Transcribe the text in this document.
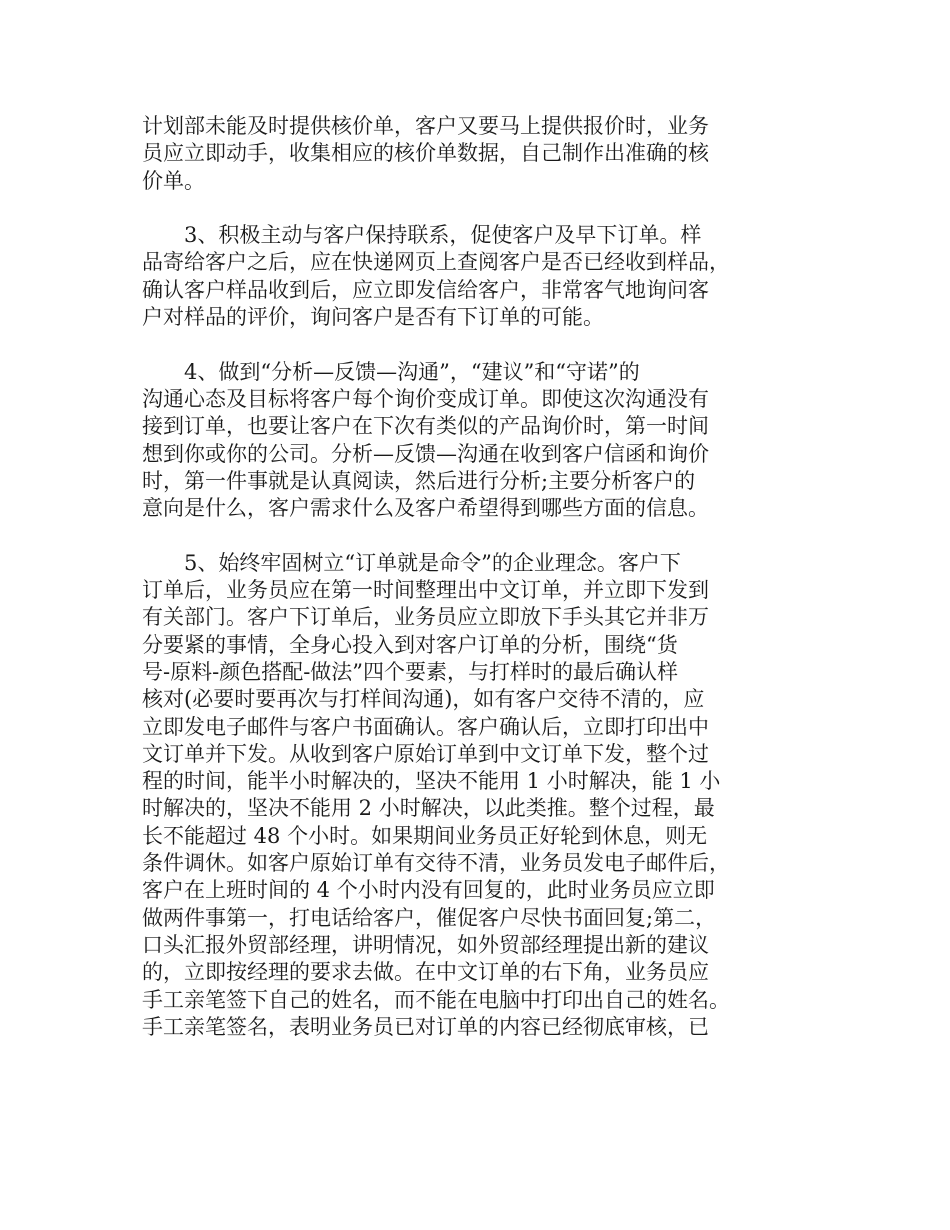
计划部未能及时提供核价单，客户又要马上提供报价时，业务
员应立即动手，收集相应的核价单数据，自己制作出准确的核
价单。

　　3、积极主动与客户保持联系，促使客户及早下订单。样
品寄给客户之后，应在快递网页上查阅客户是否已经收到样品，
确认客户样品收到后，应立即发信给客户，非常客气地询问客
户对样品的评价，询问客户是否有下订单的可能。

　　4、做到“分析—反馈—沟通”，“建议”和“守诺”的
沟通心态及目标将客户每个询价变成订单。即使这次沟通没有
接到订单，也要让客户在下次有类似的产品询价时，第一时间
想到你或你的公司。分析—反馈—沟通在收到客户信函和询价
时，第一件事就是认真阅读，然后进行分析;主要分析客户的
意向是什么，客户需求什么及客户希望得到哪些方面的信息。

　　5、始终牢固树立“订单就是命令”的企业理念。客户下
订单后，业务员应在第一时间整理出中文订单，并立即下发到
有关部门。客户下订单后，业务员应立即放下手头其它并非万
分要紧的事情，全身心投入到对客户订单的分析，围绕“货
号-原料-颜色搭配-做法”四个要素，与打样时的最后确认样
核对(必要时要再次与打样间沟通)，如有客户交待不清的，应
立即发电子邮件与客户书面确认。客户确认后，立即打印出中
文订单并下发。从收到客户原始订单到中文订单下发，整个过
程的时间，能半小时解决的，坚决不能用 1 小时解决，能 1 小
时解决的，坚决不能用 2 小时解决，以此类推。整个过程，最
长不能超过 48 个小时。如果期间业务员正好轮到休息，则无
条件调休。如客户原始订单有交待不清，业务员发电子邮件后，
客户在上班时间的 4 个小时内没有回复的，此时业务员应立即
做两件事第一，打电话给客户，催促客户尽快书面回复;第二，
口头汇报外贸部经理，讲明情况，如外贸部经理提出新的建议
的，立即按经理的要求去做。在中文订单的右下角，业务员应
手工亲笔签下自己的姓名，而不能在电脑中打印出自己的姓名。
手工亲笔签名，表明业务员已对订单的内容已经彻底审核，已
